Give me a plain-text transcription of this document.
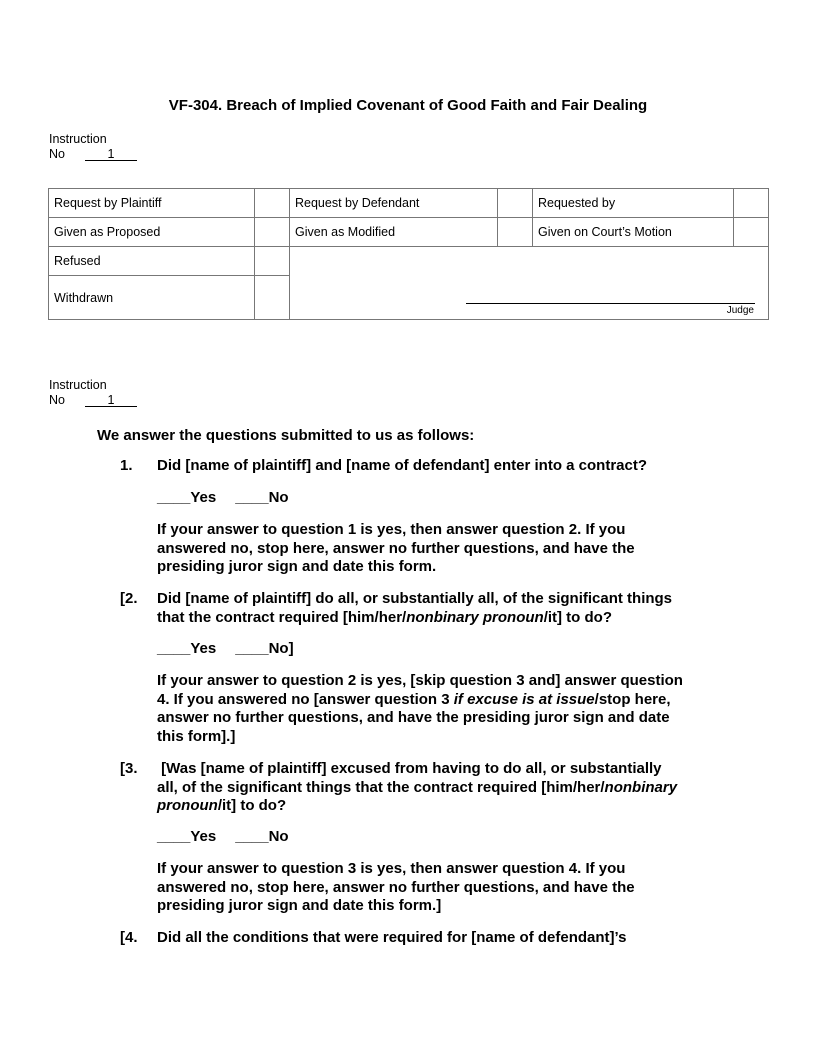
VF-304. Breach of Implied Covenant of Good Faith and Fair Dealing
Instruction
No	1
Request by Plaintiff		Request by Defendant		Requested by	
Given as Proposed		Given as Modified		Given on Court’s Motion	
Refused					
Withdrawn					
Judge
Instruction
No	1
We answer the questions submitted to us as follows:
1. Did [name of plaintiff] and [name of defendant] enter into a contract?
____Yes ____No
If your answer to question 1 is yes, then answer question 2. If you
answered no, stop here, answer no further questions, and have the
presiding juror sign and date this form.
[2. Did [name of plaintiff] do all, or substantially all, of the significant things
that the contract required [him/her/nonbinary pronoun/it] to do?
____Yes ____No]
If your answer to question 2 is yes, [skip question 3 and] answer question
4. If you answered no [answer question 3 if excuse is at issue/stop here,
answer no further questions, and have the presiding juror sign and date
this form].]
[3. [Was [name of plaintiff] excused from having to do all, or substantially
all, of the significant things that the contract required [him/her/nonbinary
pronoun/it] to do?
____Yes ____No
If your answer to question 3 is yes, then answer question 4. If you
answered no, stop here, answer no further questions, and have the
presiding juror sign and date this form.]
[4. Did all the conditions that were required for [name of defendant]’s
